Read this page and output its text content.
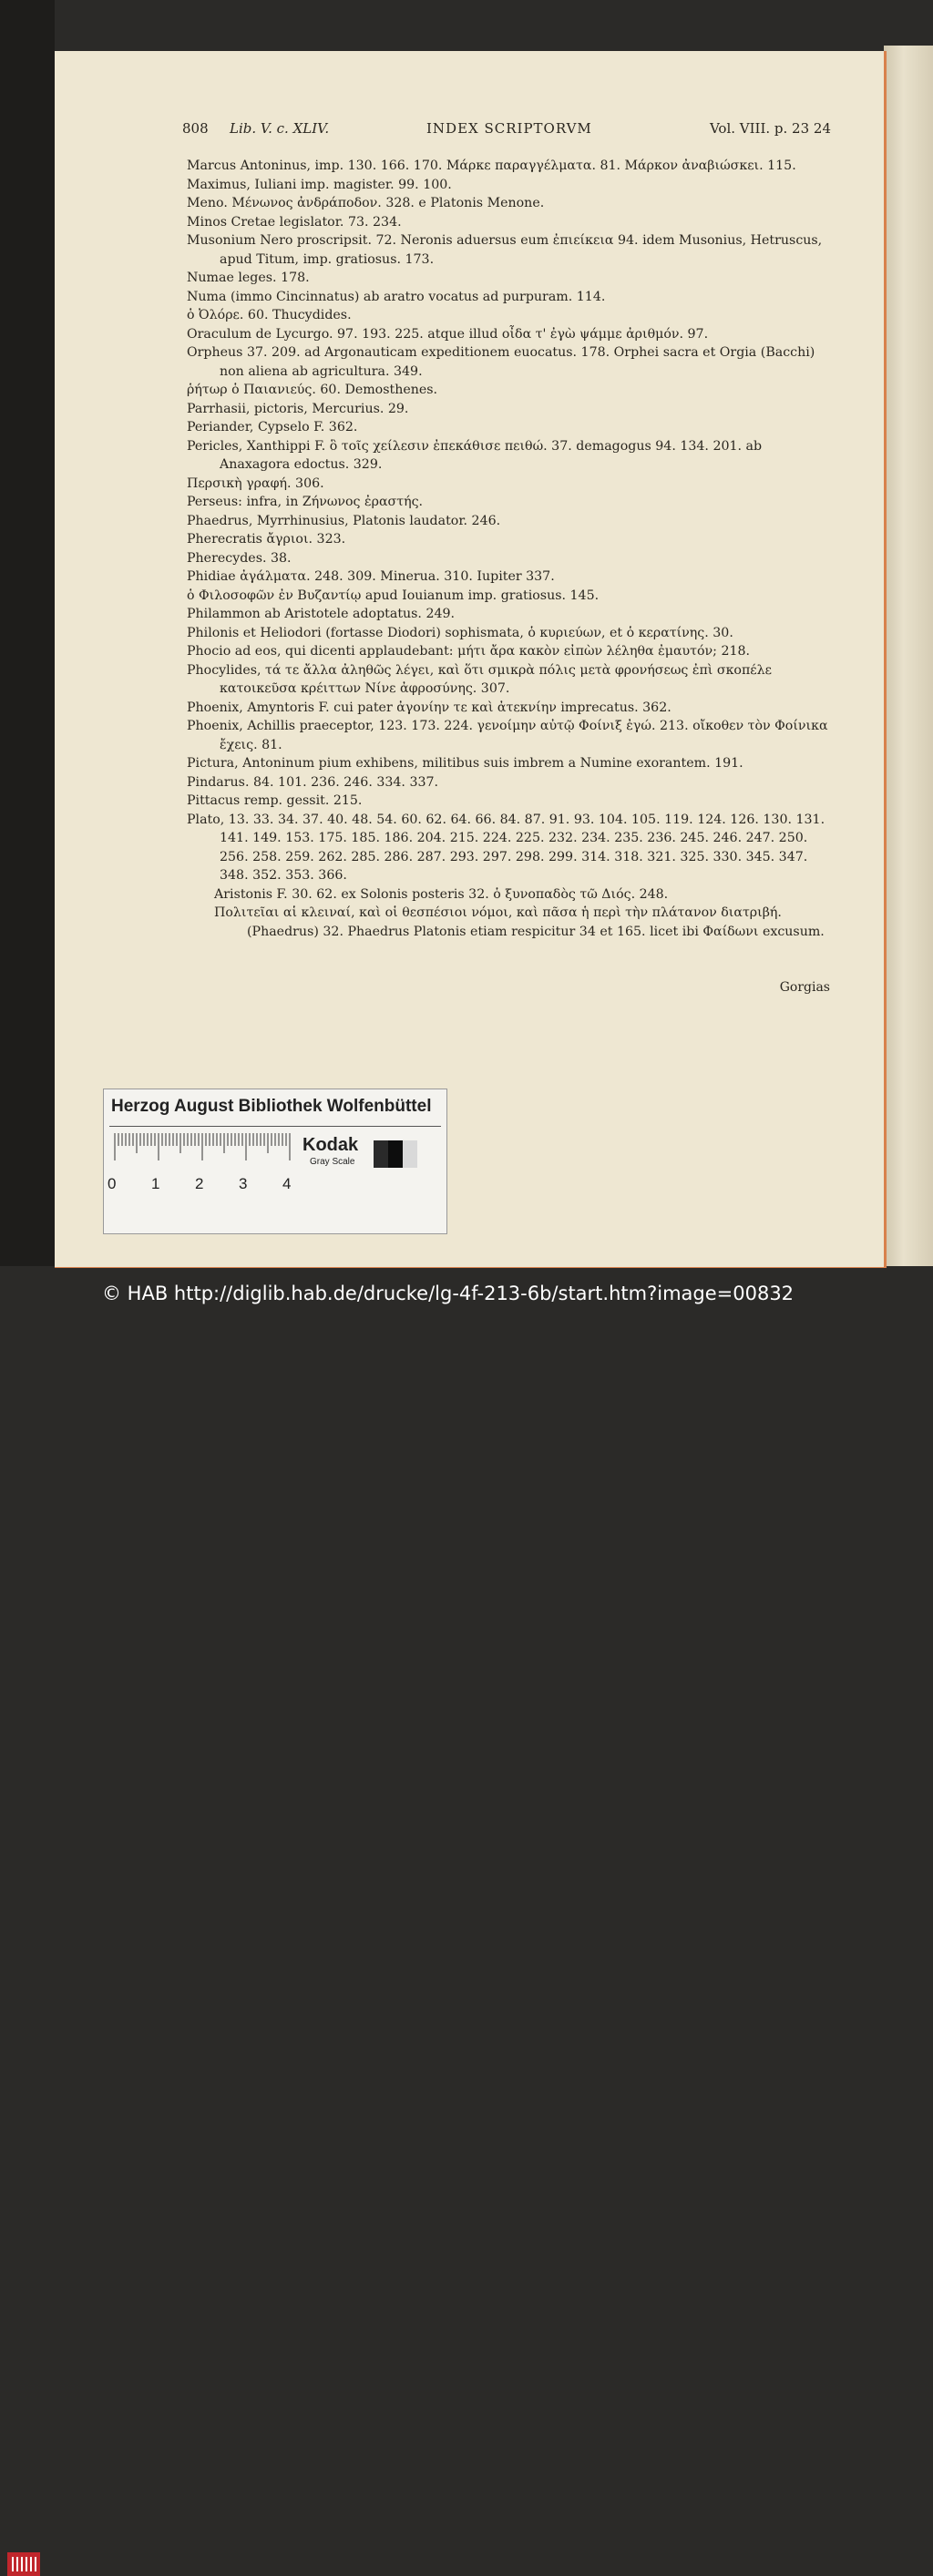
808 Lib. V. c. XLIV.	INDEX SCRIPTORVM	Vol. VIII. p. 23 24

Marcus Antoninus, imp. 130. 166. 170. Μάρκε παραγγέλματα. 81. Μάρκον ἀναβιώσκει. 115.

Maximus, Iuliani imp. magister. 99. 100.

Meno. Μένωνος ἀνδράποδον. 328. e Platonis Menone.

Minos Cretae legislator. 73. 234.

Musonium Nero proscripsit. 72. Neronis aduersus eum ἐπιείκεια 94. idem Musonius, Hetruscus, apud Titum, imp. gratiosus. 173.

Numae leges. 178.

Numa (immo Cincinnatus) ab aratro vocatus ad purpuram. 114.

ὁ Ὀλόρε. 60. Thucydides.

Oraculum de Lycurgo. 97. 193. 225. atque illud οἶδα τ' ἐγὼ ψάμμε ἀριθμόν. 97.

Orpheus 37. 209. ad Argonauticam expeditionem euocatus. 178. Orphei sacra et Orgia (Bacchi) non aliena ab agricultura. 349.

ῥήτωρ ὁ Παιανιεύς. 60. Demosthenes.

Parrhasii, pictoris, Mercurius. 29.

Periander, Cypselo F. 362.

Pericles, Xanthippi F. ὃ τοῖς χείλεσιν ἐπεκάθισε πειθώ. 37. demagogus 94. 134. 201. ab Anaxagora edoctus. 329.

Περσικὴ γραφή. 306.

Perseus: infra, in Ζήνωνος ἐραστής.

Phaedrus, Myrrhinusius, Platonis laudator. 246.

Pherecratis ἄγριοι. 323.

Pherecydes. 38.

Phidiae ἀγάλματα. 248. 309. Minerua. 310. Iupiter 337.

ὁ Φιλοσοφῶν ἐν Βυζαντίῳ apud Iouianum imp. gratiosus. 145.

Philammon ab Aristotele adoptatus. 249.

Philonis et Heliodori (fortasse Diodori) sophismata, ὁ κυριεύων, et ὁ κερατίνης. 30.

Phocio ad eos, qui dicenti applaudebant: μήτι ἄρα κακὸν εἰπὼν λέληθα ἐμαυτόν; 218.

Phocylides, τά τε ἄλλα ἀληθῶς λέγει, καὶ ὅτι σμικρὰ πόλις μετὰ φρονήσεως ἐπὶ σκοπέλε κατοικεῦσα κρέιττων Νίνε ἀφροσύνης. 307.

Phoenix, Amyntoris F. cui pater ἀγονίην τε καὶ ἀτεκνίην imprecatus. 362.

Phoenix, Achillis praeceptor, 123. 173. 224. γενοίμην αὐτῷ Φοίνιξ ἐγώ. 213. οἴκοθεν τὸν Φοίνικα ἔχεις. 81.

Pictura, Antoninum pium exhibens, militibus suis imbrem a Numine exorantem. 191.

Pindarus. 84. 101. 236. 246. 334. 337.

Pittacus remp. gessit. 215.

Plato, 13. 33. 34. 37. 40. 48. 54. 60. 62. 64. 66. 84. 87. 91. 93. 104. 105. 119. 124. 126. 130. 131. 141. 149. 153. 175. 185. 186. 204. 215. 224. 225. 232. 234. 235. 236. 245. 246. 247. 250. 256. 258. 259. 262. 285. 286. 287. 293. 297. 298. 299. 314. 318. 321. 325. 330. 345. 347. 348. 352. 353. 366.

Aristonis F. 30. 62. ex Solonis posteris 32. ὁ ξυνοπαδὸς τῶ Διός. 248.

Πολιτεῖαι αἱ κλειναί, καὶ οἱ θεσπέσιοι νόμοι, καὶ πᾶσα ἡ περὶ τὴν πλάτανον διατριβή. (Phaedrus) 32. Phaedrus Platonis etiam respicitur 34 et 165. licet ibi Φαίδωνι excusum.

Gorgias
Herzog August Bibliothek Wolfenbüttel
0 1 2 3 4
Kodak
Gray Scale
© HAB http://diglib.hab.de/drucke/lg-4f-213-6b/start.htm?image=00832
